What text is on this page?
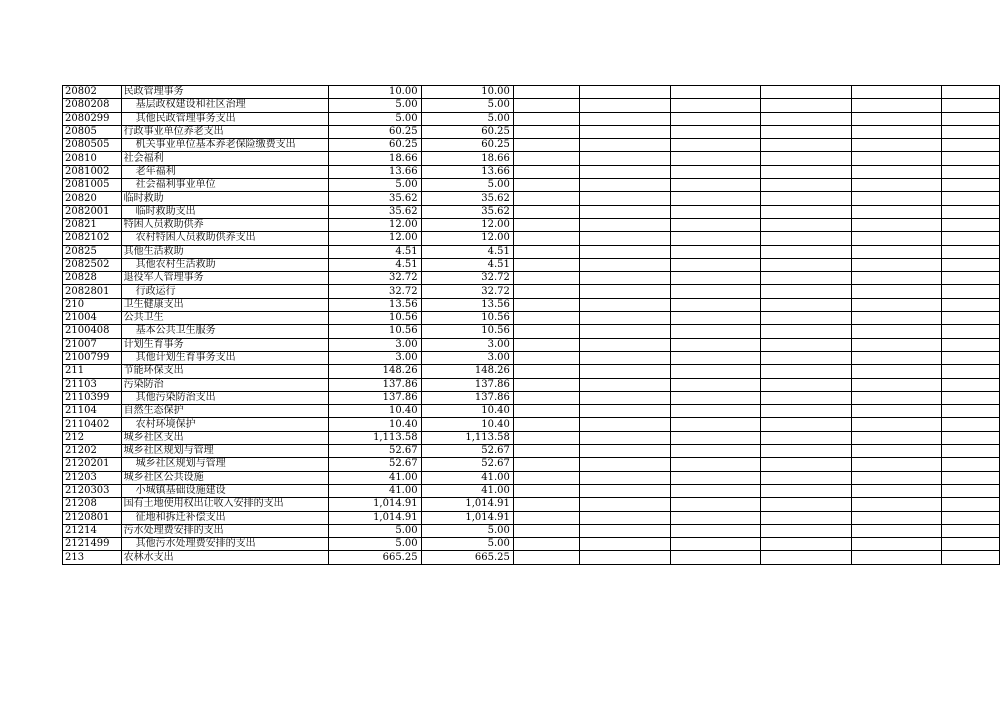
20802	民政管理事务	10.00	10.00						
2080208	基层政权建设和社区治理	5.00	5.00						
2080299	其他民政管理事务支出	5.00	5.00						
20805	行政事业单位养老支出	60.25	60.25						
2080505	机关事业单位基本养老保险缴费支出	60.25	60.25						
20810	社会福利	18.66	18.66						
2081002	老年福利	13.66	13.66						
2081005	社会福利事业单位	5.00	5.00						
20820	临时救助	35.62	35.62						
2082001	临时救助支出	35.62	35.62						
20821	特困人员救助供养	12.00	12.00						
2082102	农村特困人员救助供养支出	12.00	12.00						
20825	其他生活救助	4.51	4.51						
2082502	其他农村生活救助	4.51	4.51						
20828	退役军人管理事务	32.72	32.72						
2082801	行政运行	32.72	32.72						
210	卫生健康支出	13.56	13.56						
21004	公共卫生	10.56	10.56						
2100408	基本公共卫生服务	10.56	10.56						
21007	计划生育事务	3.00	3.00						
2100799	其他计划生育事务支出	3.00	3.00						
211	节能环保支出	148.26	148.26						
21103	污染防治	137.86	137.86						
2110399	其他污染防治支出	137.86	137.86						
21104	自然生态保护	10.40	10.40						
2110402	农村环境保护	10.40	10.40						
212	城乡社区支出	1,113.58	1,113.58						
21202	城乡社区规划与管理	52.67	52.67						
2120201	城乡社区规划与管理	52.67	52.67						
21203	城乡社区公共设施	41.00	41.00						
2120303	小城镇基础设施建设	41.00	41.00						
21208	国有土地使用权出让收入安排的支出	1,014.91	1,014.91						
2120801	征地和拆迁补偿支出	1,014.91	1,014.91						
21214	污水处理费安排的支出	5.00	5.00						
2121499	其他污水处理费安排的支出	5.00	5.00						
213	农林水支出	665.25	665.25						
